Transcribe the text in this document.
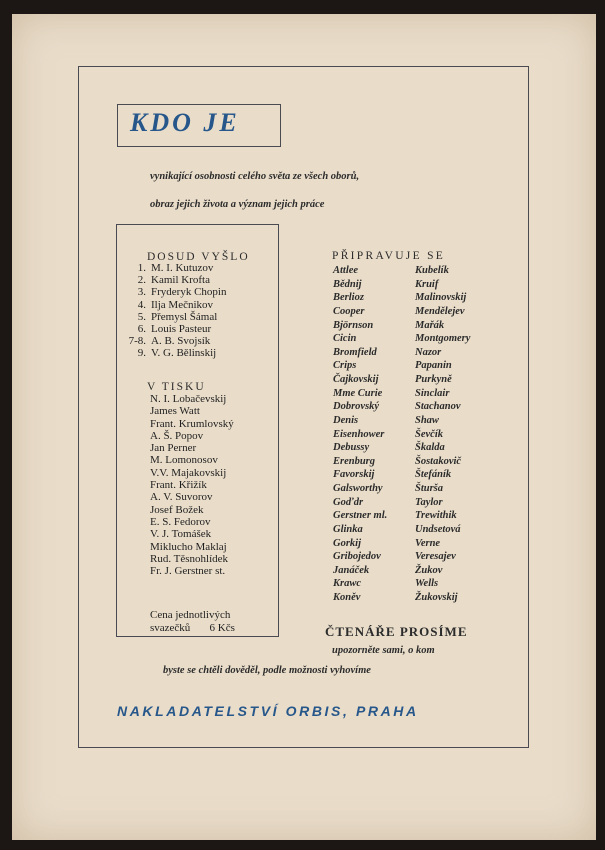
KDO JE
vynikající osobnosti celého světa ze všech oborů,
obraz jejich života a význam jejich práce
DOSUD VYŠLO
1. M. I. Kutuzov
2. Kamil Krofta
3. Fryderyk Chopin
4. Ilja Mečnikov
5. Přemysl Šámal
6. Louis Pasteur
7-8. A. B. Svojsík
9. V. G. Bělinskij
V TISKU
N. I. Lobačevskij
James Watt
Frant. Krumlovský
A. Š. Popov
Jan Perner
M. Lomonosov
V.V. Majakovskij
Frant. Křižík
A. V. Suvorov
Josef Božek
E. S. Fedorov
V. J. Tomášek
Miklucho Maklaj
Rud. Těsnohlídek
Fr. J. Gerstner st.
Cena jednotlivých
svazečků       6 Kčs
PŘIPRAVUJE SE
Attlee
Bědnij
Berlioz
Cooper
Björnson
Cicin
Bromfield
Crips
Čajkovskij
Mme Curie
Dobrovský
Denis
Eisenhower
Debussy
Erenburg
Favorskij
Galsworthy
Goďdr
Gerstner ml.
Glinka
Gorkij
Gribojedov
Janáček
Krawc
Koněv
Kubelík
Kruif
Malinovskij
Mendělejev
Mařák
Montgomery
Nazor
Papanin
Purkyně
Sinclair
Stachanov
Shaw
Ševčík
Škalda
Šostakovič
Štefáník
Šturša
Taylor
Trewithik
Undsetová
Verne
Veresajev
Žukov
Wells
Žukovskij
ČTENÁŘE PROSÍME
upozorněte sami, o kom
byste se chtěli dověděl, podle možnosti vyhovíme
NAKLADATELSTVÍ ORBIS, PRAHA
